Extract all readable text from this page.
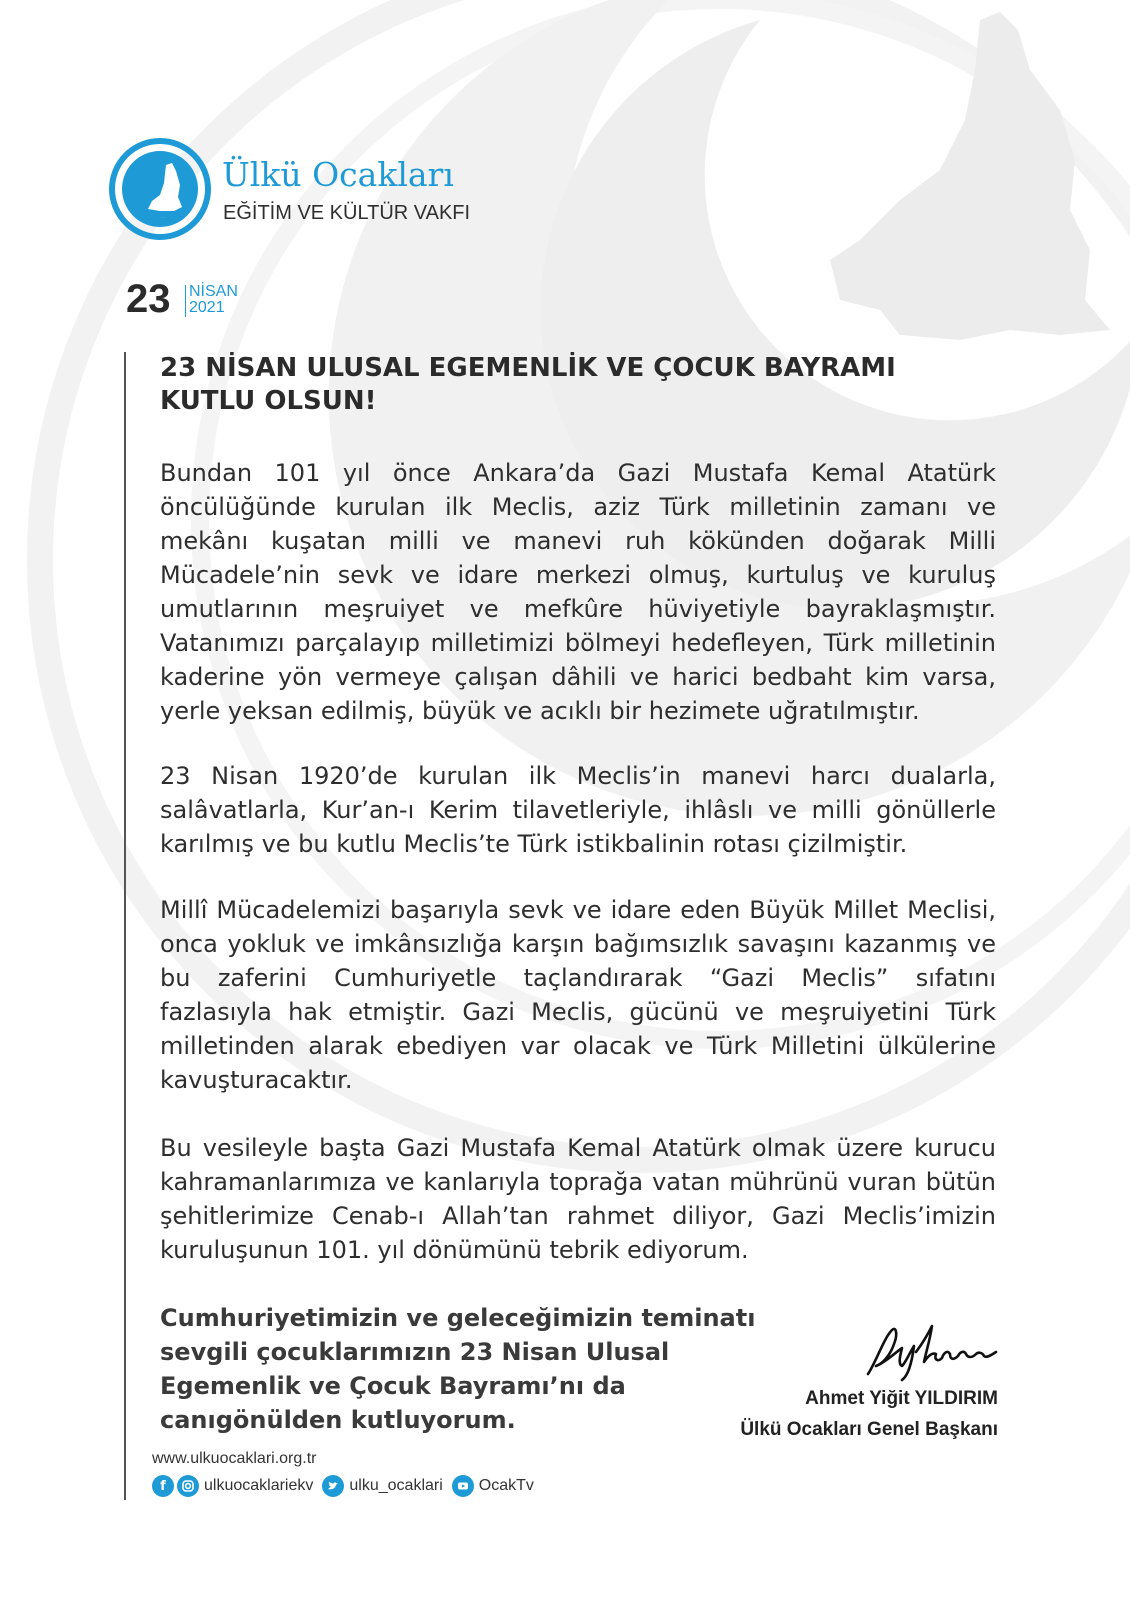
Ülkü Ocakları
EĞİTİM VE KÜLTÜR VAKFI
23 NİSAN
2021
23 NİSAN ULUSAL EGEMENLİK VE ÇOCUK BAYRAMI KUTLU OLSUN!

Bundan 101 yıl önce Ankara’da Gazi Mustafa Kemal Atatürk öncülüğünde kurulan ilk Meclis, aziz Türk milletinin zamanı ve mekânı kuşatan milli ve manevi ruh kökünden doğarak Milli Mücadele’nin sevk ve idare merkezi olmuş, kurtuluş ve kuruluş umutlarının meşruiyet ve mefkûre hüviyetiyle bayraklaşmıştır. Vatanımızı parçalayıp milletimizi bölmeyi hedefleyen, Türk milletinin kaderine yön vermeye çalışan dâhili ve harici bedbaht kim varsa, yerle yeksan edilmiş, büyük ve acıklı bir hezimete uğratılmıştır.

23 Nisan 1920’de kurulan ilk Meclis’in manevi harcı dualarla, salâvatlarla, Kur’an-ı Kerim tilavetleriyle, ihlâslı ve milli gönüllerle karılmış ve bu kutlu Meclis’te Türk istikbalinin rotası çizilmiştir.

Millî Mücadelemizi başarıyla sevk ve idare eden Büyük Millet Meclisi, onca yokluk ve imkânsızlığa karşın bağımsızlık savaşını kazanmış ve bu zaferini Cumhuriyetle taçlandırarak “Gazi Meclis” sıfatını fazlasıyla hak etmiştir. Gazi Meclis, gücünü ve meşruiyetini Türk milletinden alarak ebediyen var olacak ve Türk Milletini ülkülerine kavuşturacaktır.

Bu vesileyle başta Gazi Mustafa Kemal Atatürk olmak üzere kurucu kahramanlarımıza ve kanlarıyla toprağa vatan mührünü vuran bütün şehitlerimize Cenab-ı Allah’tan rahmet diliyor, Gazi Meclis’imizin kuruluşunun 101. yıl dönümünü tebrik ediyorum.

Cumhuriyetimizin ve geleceğimizin teminatı sevgili çocuklarımızın 23 Nisan Ulusal Egemenlik ve Çocuk Bayramı’nı da canıgönülden kutluyorum.

Ahmet Yiğit YILDIRIM
Ülkü Ocakları Genel Başkanı
www.ulkuocaklari.org.tr
f	ulkuocaklariekv ulku_ocaklari OcakTv
